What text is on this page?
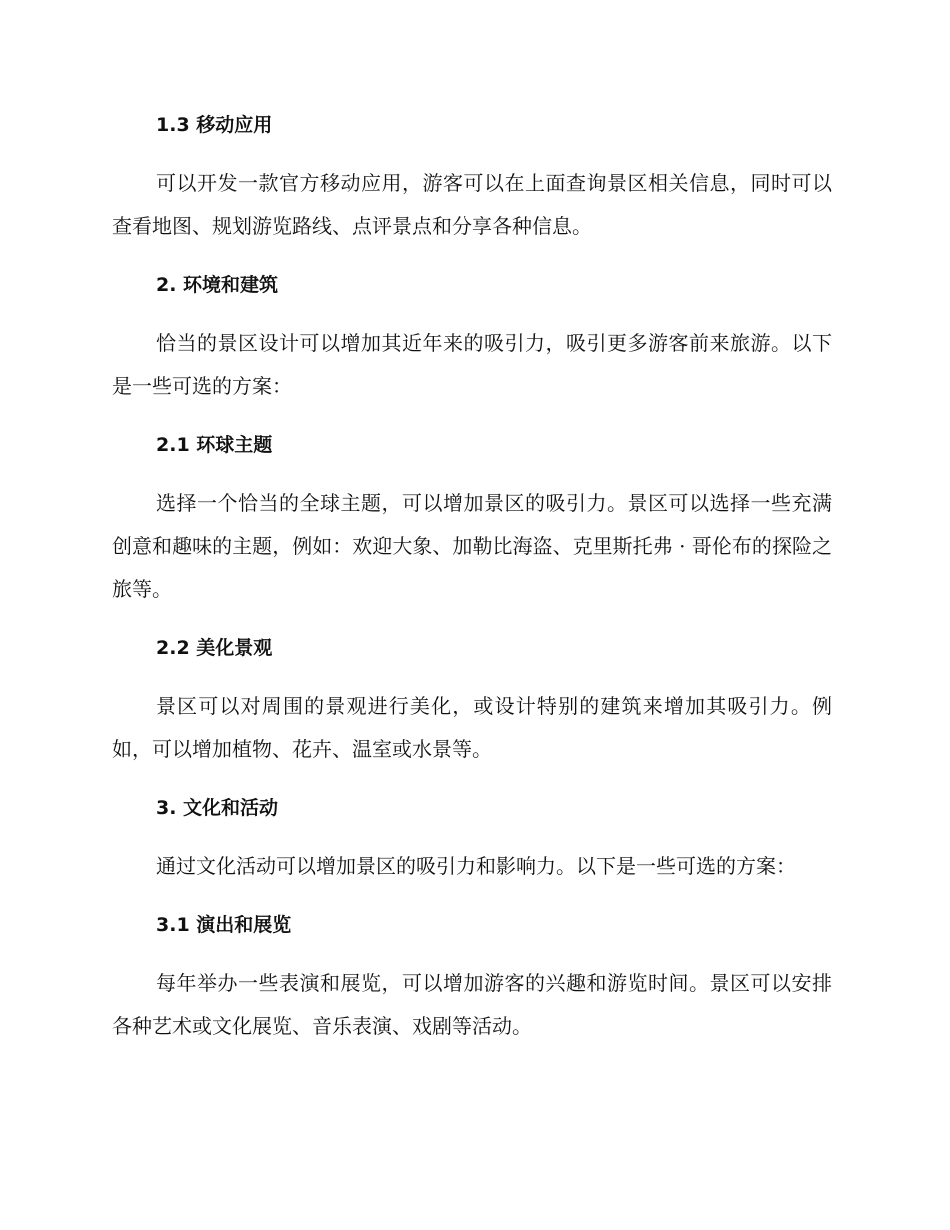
1.3 移动应用

可以开发一款官方移动应用，游客可以在上面查询景区相关信息，同时可以查看地图、规划游览路线、点评景点和分享各种信息。

2. 环境和建筑

恰当的景区设计可以增加其近年来的吸引力，吸引更多游客前来旅游。以下是一些可选的方案：

2.1 环球主题

选择一个恰当的全球主题，可以增加景区的吸引力。景区可以选择一些充满创意和趣味的主题，例如：欢迎大象、加勒比海盗、克里斯托弗 · 哥伦布的探险之旅等。

2.2 美化景观

景区可以对周围的景观进行美化，或设计特别的建筑来增加其吸引力。例如，可以增加植物、花卉、温室或水景等。

3. 文化和活动

通过文化活动可以增加景区的吸引力和影响力。以下是一些可选的方案：

3.1 演出和展览

每年举办一些表演和展览，可以增加游客的兴趣和游览时间。景区可以安排各种艺术或文化展览、音乐表演、戏剧等活动。
